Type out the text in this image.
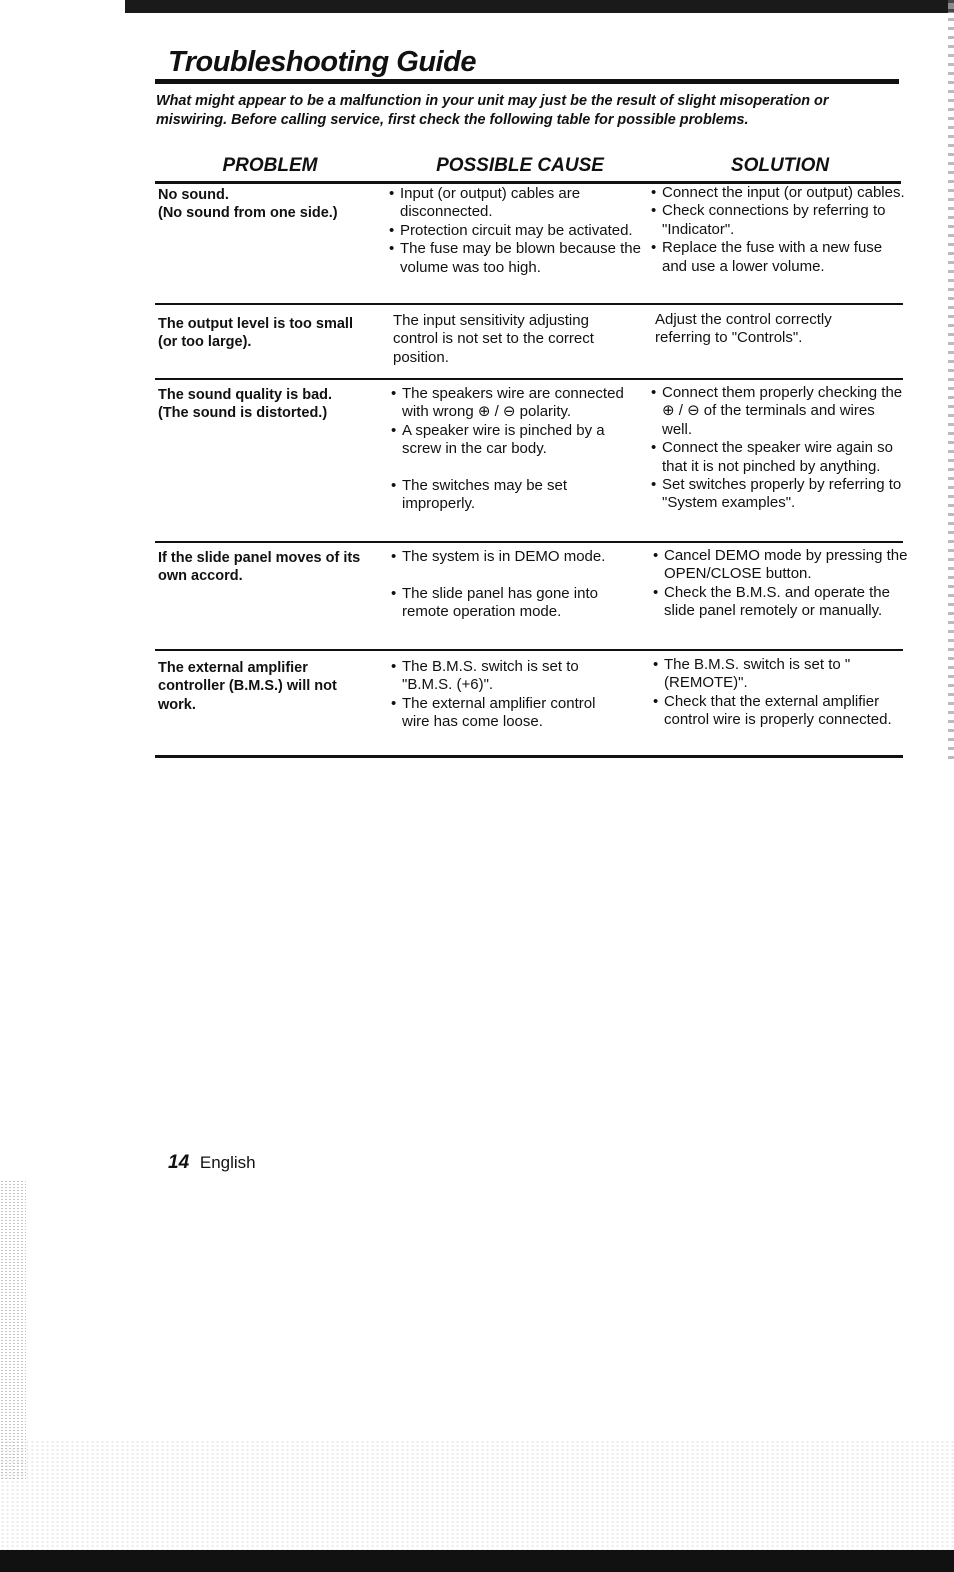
Troubleshooting Guide

What might appear to be a malfunction in your unit may just be the result of slight misoperation or miswiring. Before calling service, first check the following table for possible problems.

PROBLEM	POSSIBLE CAUSE	SOLUTION
No sound.
(No sound from one side.)
• Input (or output) cables are disconnected.
• Protection circuit may be activated.
• The fuse may be blown because the volume was too high.
• Connect the input (or output) cables.
• Check connections by referring to "Indicator".
• Replace the fuse with a new fuse and use a lower volume.
The output level is too small (or too large).

The input sensitivity adjusting control is not set to the correct position.

Adjust the control correctly referring to "Controls".

The sound quality is bad.
(The sound is distorted.)
• The speakers wire are connected with wrong ⊕ / ⊖ polarity.
• A speaker wire is pinched by a screw in the car body.
• The switches may be set improperly.
• Connect them properly checking the ⊕ / ⊖ of the terminals and wires well.
• Connect the speaker wire again so that it is not pinched by anything.
• Set switches properly by referring to "System examples".
If the slide panel moves of its own accord.
• The system is in DEMO mode.
• The slide panel has gone into remote operation mode.
• Cancel DEMO mode by pressing the OPEN/CLOSE button.
• Check the B.M.S. and operate the slide panel remotely or manually.
The external amplifier controller (B.M.S.) will not work.
• The B.M.S. switch is set to "B.M.S. (+6)".
• The external amplifier control wire has come loose.
• The B.M.S. switch is set to "(REMOTE)".
• Check that the external amplifier control wire is properly connected.
14 English
